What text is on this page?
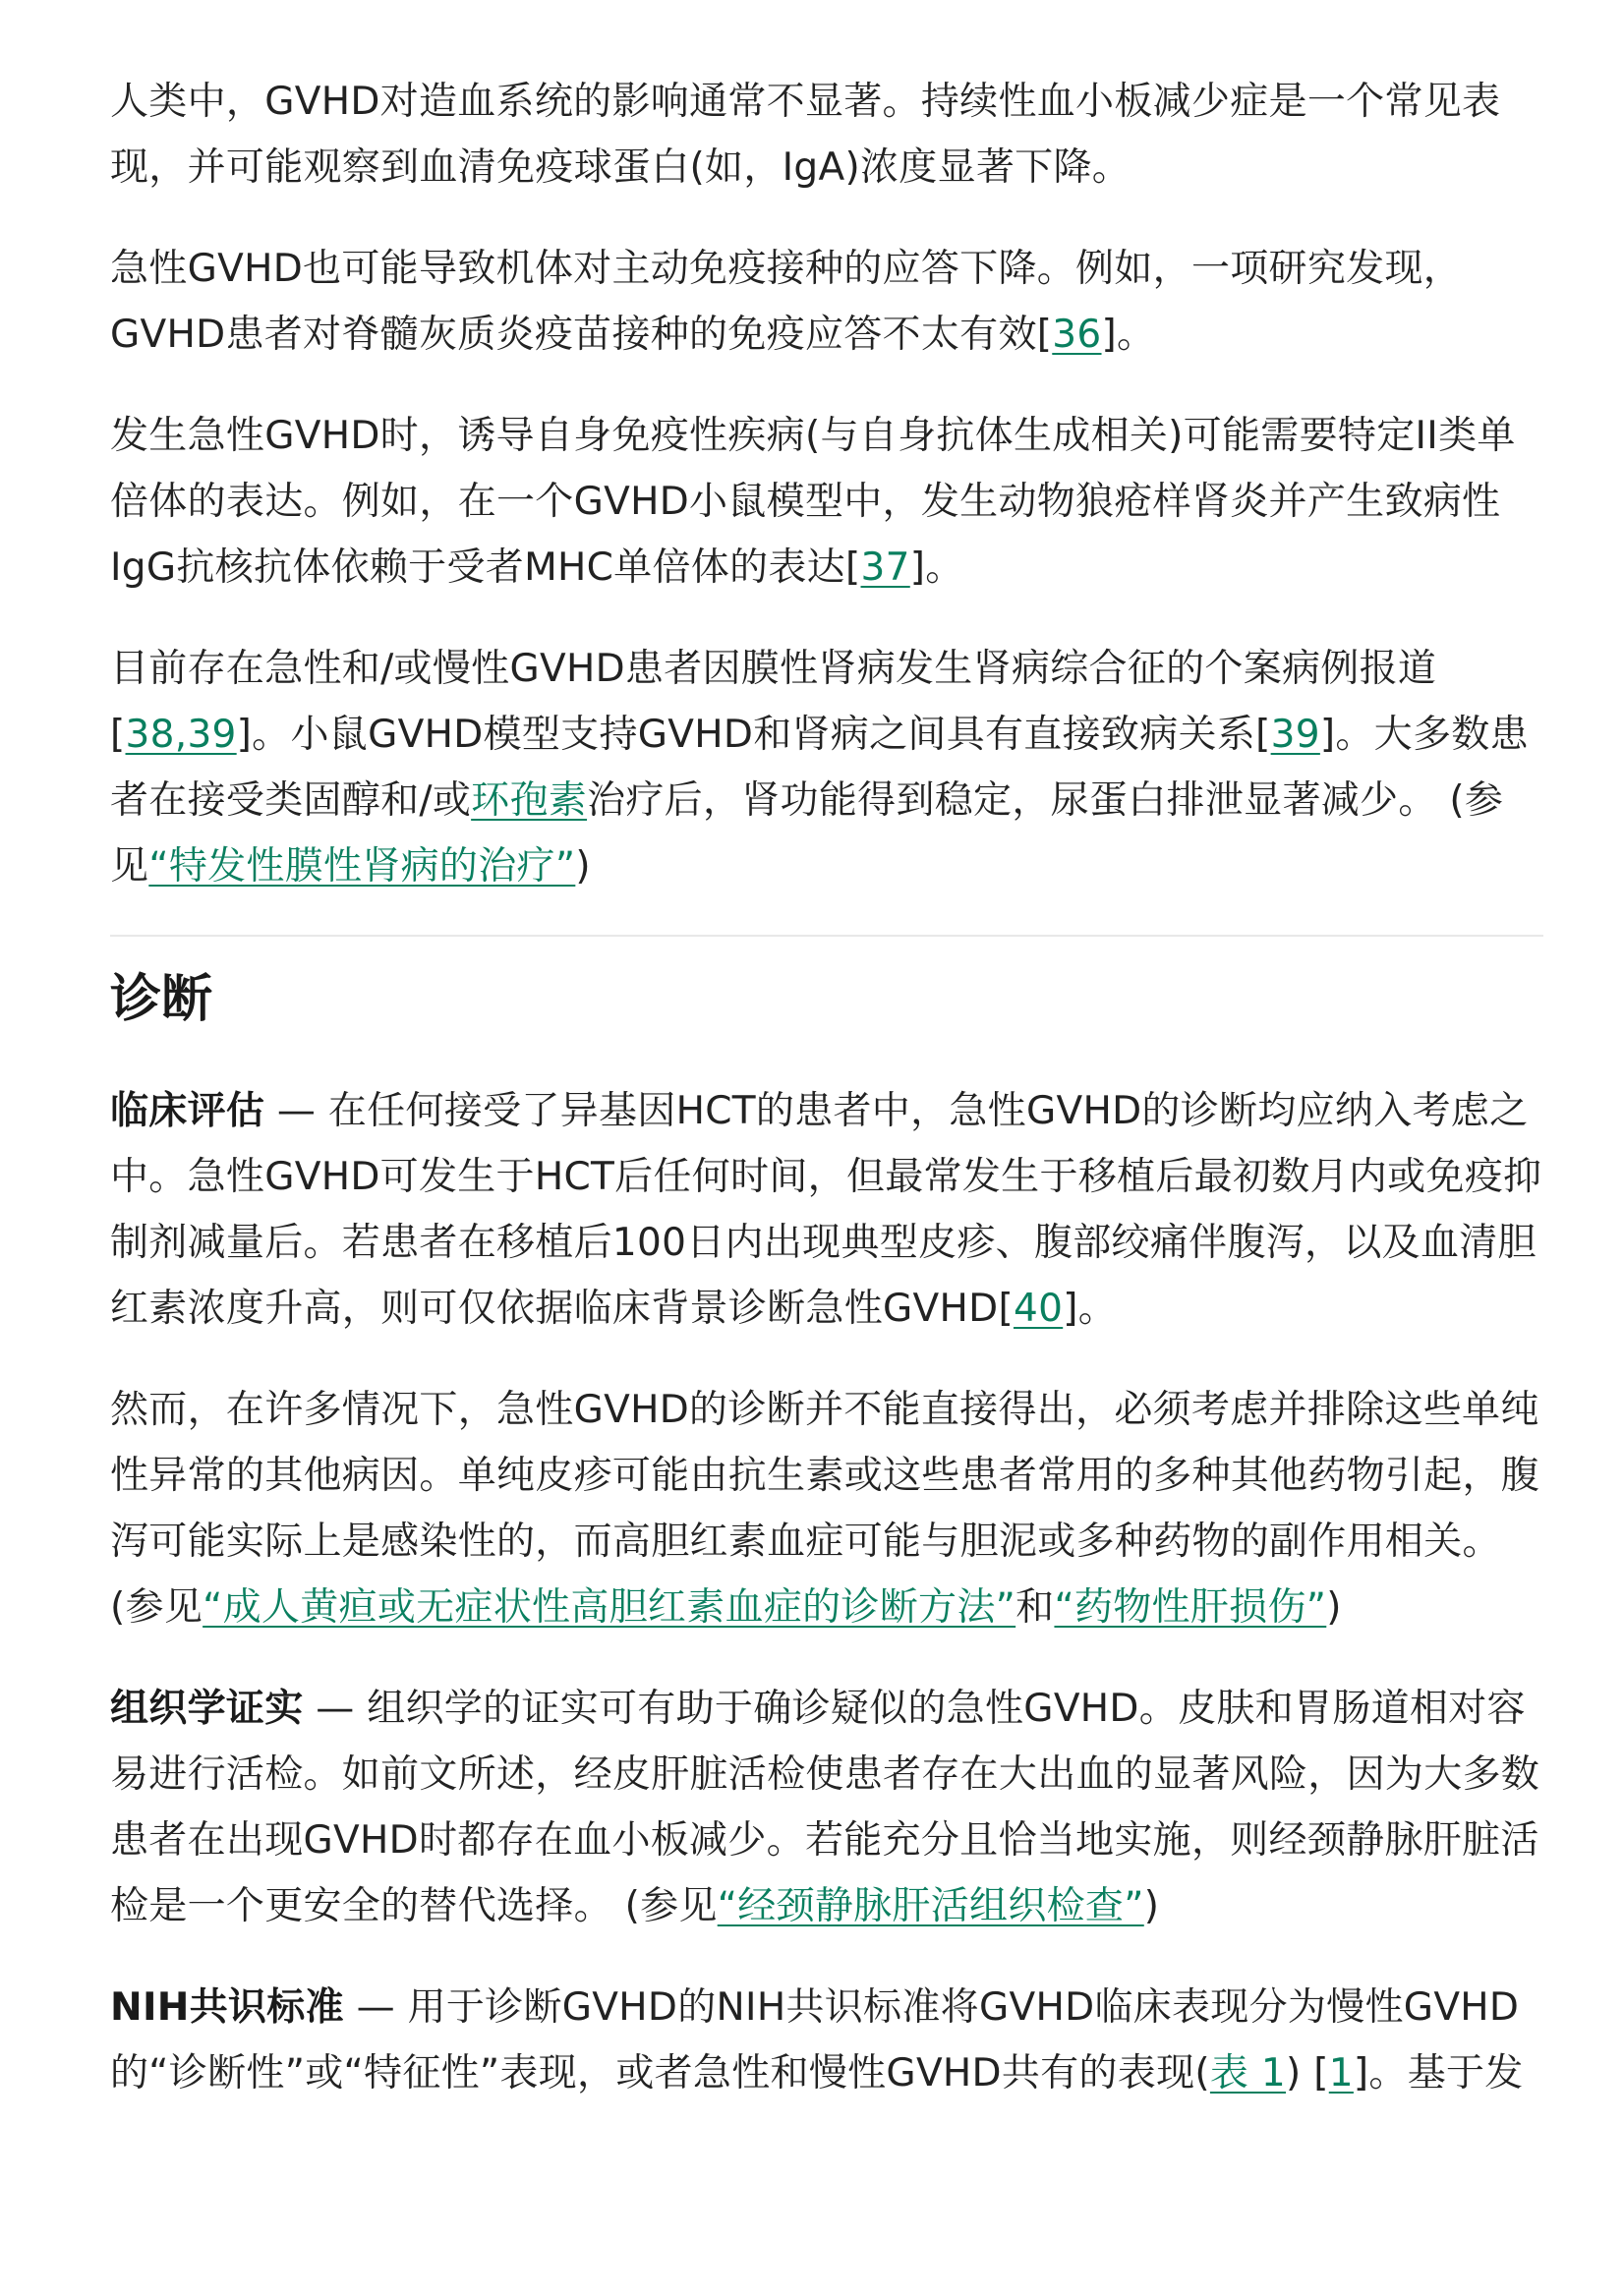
人类中，GVHD对造血系统的影响通常不显著。持续性血小板减少症是一个常见表现，并可能观察到血清免疫球蛋白(如，IgA)浓度显著下降。

急性GVHD也可能导致机体对主动免疫接种的应答下降。例如，一项研究发现，GVHD患者对脊髓灰质炎疫苗接种的免疫应答不太有效[36]。

发生急性GVHD时，诱导自身免疫性疾病(与自身抗体生成相关)可能需要特定II类单倍体的表达。例如，在一个GVHD小鼠模型中，发生动物狼疮样肾炎并产生致病性IgG抗核抗体依赖于受者MHC单倍体的表达[37]。

目前存在急性和/或慢性GVHD患者因膜性肾病发生肾病综合征的个案病例报道[38,39]。小鼠GVHD模型支持GVHD和肾病之间具有直接致病关系[39]。大多数患者在接受类固醇和/或环孢素治疗后，肾功能得到稳定，尿蛋白排泄显著减少。 (参见“特发性膜性肾病的治疗”)

诊断

临床评估 — 在任何接受了异基因HCT的患者中，急性GVHD的诊断均应纳入考虑之中。急性GVHD可发生于HCT后任何时间，但最常发生于移植后最初数月内或免疫抑制剂减量后。若患者在移植后100日内出现典型皮疹、腹部绞痛伴腹泻，以及血清胆红素浓度升高，则可仅依据临床背景诊断急性GVHD[40]。

然而，在许多情况下，急性GVHD的诊断并不能直接得出，必须考虑并排除这些单纯性异常的其他病因。单纯皮疹可能由抗生素或这些患者常用的多种其他药物引起，腹泻可能实际上是感染性的，而高胆红素血症可能与胆泥或多种药物的副作用相关。 (参见“成人黄疸或无症状性高胆红素血症的诊断方法”和“药物性肝损伤”)

组织学证实 — 组织学的证实可有助于确诊疑似的急性GVHD。皮肤和胃肠道相对容易进行活检。如前文所述，经皮肝脏活检使患者存在大出血的显著风险，因为大多数患者在出现GVHD时都存在血小板减少。若能充分且恰当地实施，则经颈静脉肝脏活检是一个更安全的替代选择。 (参见“经颈静脉肝活组织检查”)

NIH共识标准 — 用于诊断GVHD的NIH共识标准将GVHD临床表现分为慢性GVHD的“诊断性”或“特征性”表现，或者急性和慢性GVHD共有的表现(表 1) [1]。基于发
